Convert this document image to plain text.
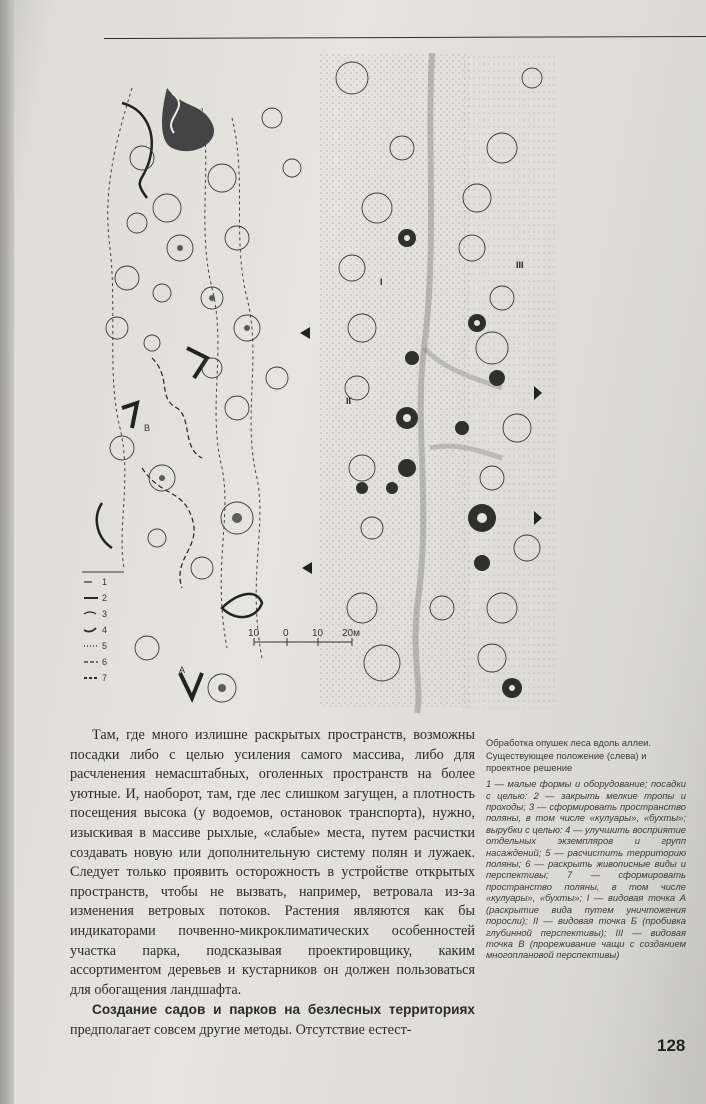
A
B
1
2
3
4
5
6
7
I
II
III
10 0 10 20м

Там, где много излишне раскрытых пространств, возможны посадки либо с целью усиления самого массива, либо для расчленения немасштабных, оголенных пространств на более уютные. И, наоборот, там, где лес слишком загущен, а плотность посещения высока (у водоемов, остановок транспорта), нужно, изыскивая в массиве рыхлые, «слабые» места, путем расчистки создавать новую или дополнительную систему полян и лужаек. Следует только проявить осторожность в устройстве открытых пространств, чтобы не вызвать, например, ветровала из-за изменения ветровых потоков. Растения являются как бы индикаторами почвенно-микроклиматических особенностей участка парка, подсказывая проектировщику, каким ассортиментом деревьев и кустарников он должен пользоваться для обогащения ландшафта.

Создание садов и парков на безлесных территориях предполагает совсем другие методы. Отсутствие естест-

Обработка опушек леса вдоль аллеи.

Существующее положение (слева) и проектное решение

1 — малые формы и оборудование; посадки с целью: 2 — закрыть мелкие тропы и проходы; 3 — сформировать пространство поляны, в том числе «кулуары», «бухты»; вырубки с целью: 4 — улучшить восприятие отдельных экземпляров и групп насаждений; 5 — расчистить территорию поляны; 6 — раскрыть живописные виды и перспективы; 7 — сформировать пространство поляны, в том числе «кулуары», «бухты»; I — видовая точка А (раскрытие вида путем уничтожения поросли); II — видовая точка Б (пробивка глубинной перспективы); III — видовая точка В (прореживание чащи с созданием многоплановой перспективы)

128
